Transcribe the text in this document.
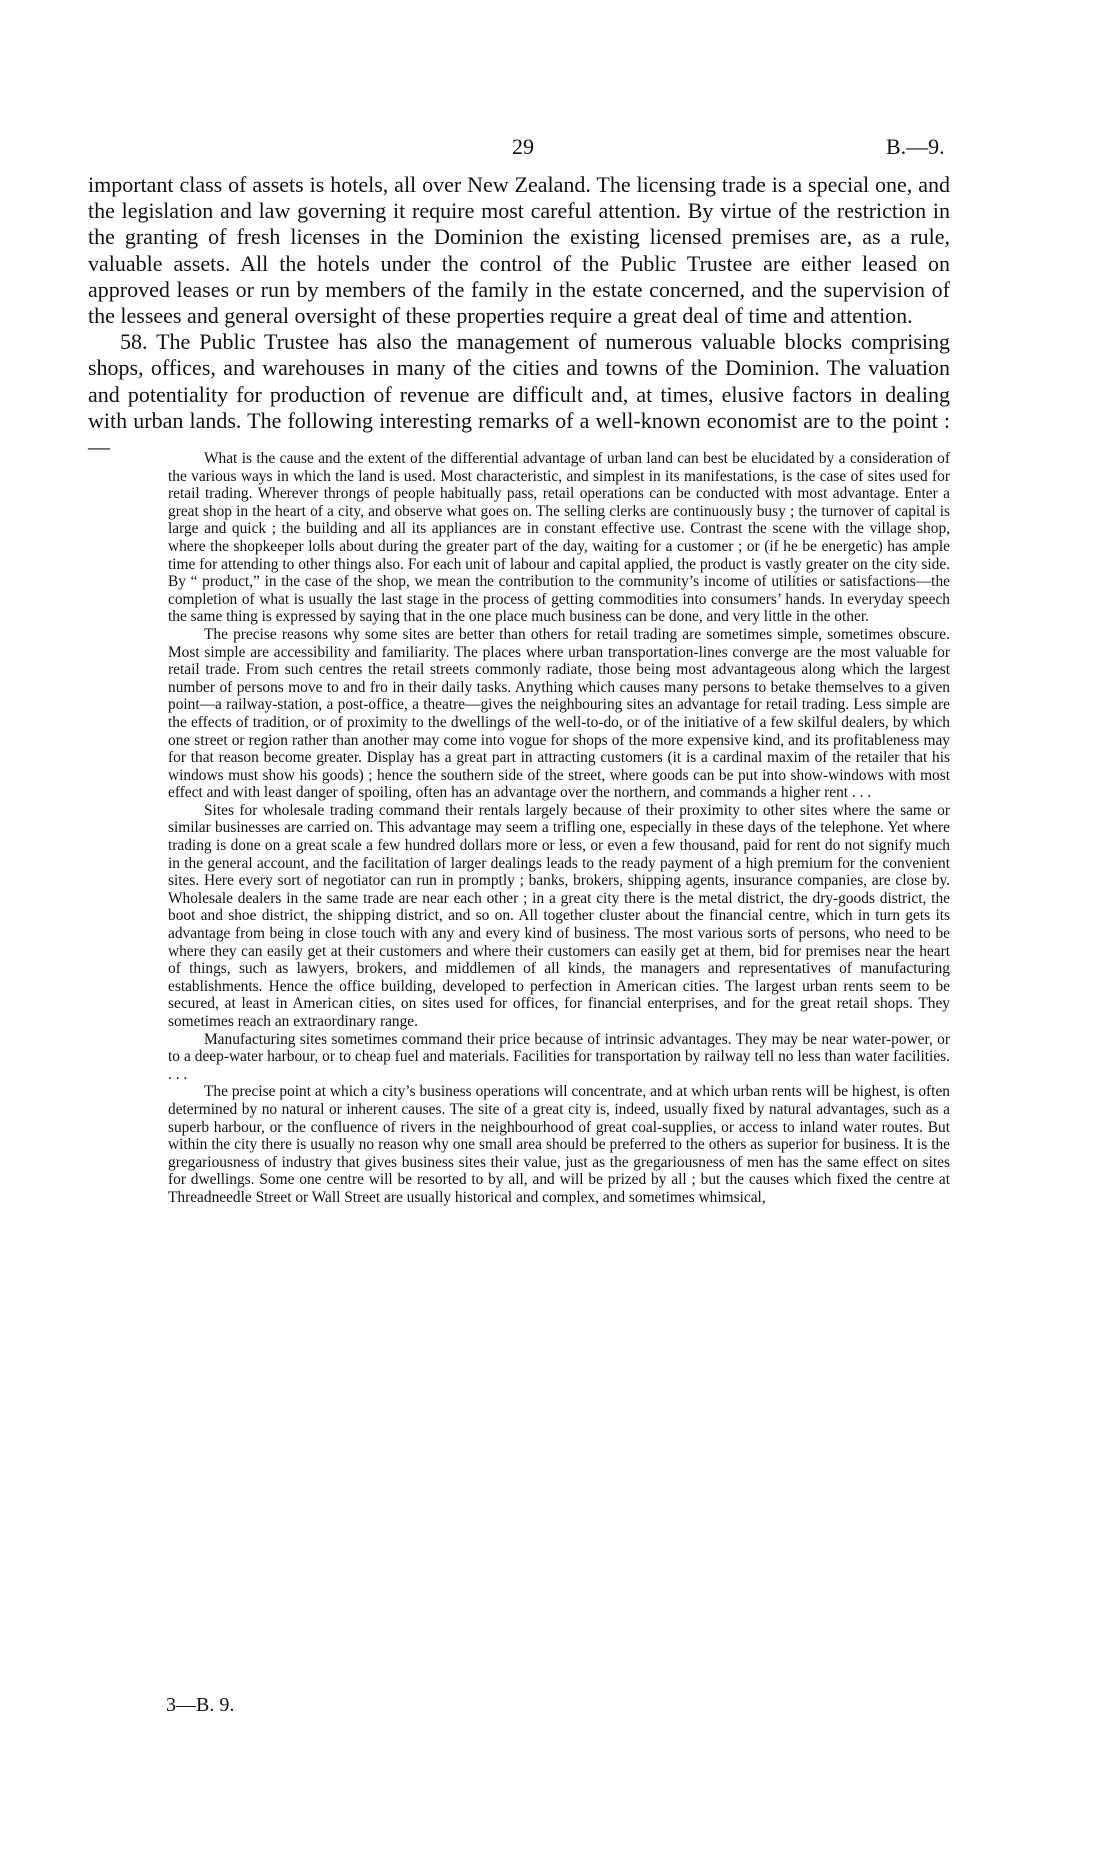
29	B.—9.

important class of assets is hotels, all over New Zealand. The licensing trade is a special one, and the legislation and law governing it require most careful attention. By virtue of the restriction in the granting of fresh licenses in the Dominion the existing licensed premises are, as a rule, valuable assets. All the hotels under the control of the Public Trustee are either leased on approved leases or run by members of the family in the estate concerned, and the supervision of the lessees and general oversight of these properties require a great deal of time and attention.

58. The Public Trustee has also the management of numerous valuable blocks comprising shops, offices, and warehouses in many of the cities and towns of the Dominion. The valuation and potentiality for production of revenue are difficult and, at times, elusive factors in dealing with urban lands. The following interesting remarks of a well-known economist are to the point :—	What is the cause and the extent of the differential advantage of urban land can best be elucidated by a consideration of the various ways in which the land is used. Most characteristic, and simplest in its manifestations, is the case of sites used for retail trading. Wherever throngs of people habitually pass, retail operations can be conducted with most advantage. Enter a great shop in the heart of a city, and observe what goes on. The selling clerks are continuously busy ; the turnover of capital is large and quick ; the building and all its appliances are in constant effective use. Contrast the scene with the village shop, where the shopkeeper lolls about during the greater part of the day, waiting for a customer ; or (if he be energetic) has ample time for attending to other things also. For each unit of labour and capital applied, the product is vastly greater on the city side. By “ product,” in the case of the shop, we mean the contribution to the community’s income of utilities or satisfactions—the completion of what is usually the last stage in the process of getting commodities into consumers’ hands. In everyday speech the same thing is expressed by saying that in the one place much business can be done, and very little in the other.

The precise reasons why some sites are better than others for retail trading are sometimes simple, sometimes obscure. Most simple are accessibility and familiarity. The places where urban transportation-lines converge are the most valuable for retail trade. From such centres the retail streets commonly radiate, those being most advantageous along which the largest number of persons move to and fro in their daily tasks. Anything which causes many persons to betake themselves to a given point—a railway-station, a post-office, a theatre—gives the neighbouring sites an advantage for retail trading. Less simple are the effects of tradition, or of proximity to the dwellings of the well-to-do, or of the initiative of a few skilful dealers, by which one street or region rather than another may come into vogue for shops of the more expensive kind, and its profitableness may for that reason become greater. Display has a great part in attracting customers (it is a cardinal maxim of the retailer that his windows must show his goods) ; hence the southern side of the street, where goods can be put into show-windows with most effect and with least danger of spoiling, often has an advantage over the northern, and commands a higher rent . . .

Sites for wholesale trading command their rentals largely because of their proximity to other sites where the same or similar businesses are carried on. This advantage may seem a trifling one, especially in these days of the telephone. Yet where trading is done on a great scale a few hundred dollars more or less, or even a few thousand, paid for rent do not signify much in the general account, and the facilitation of larger dealings leads to the ready payment of a high premium for the convenient sites. Here every sort of negotiator can run in promptly ; banks, brokers, shipping agents, insurance companies, are close by. Wholesale dealers in the same trade are near each other ; in a great city there is the metal district, the dry-goods district, the boot and shoe district, the shipping district, and so on. All together cluster about the financial centre, which in turn gets its advantage from being in close touch with any and every kind of business. The most various sorts of persons, who need to be where they can easily get at their customers and where their customers can easily get at them, bid for premises near the heart of things, such as lawyers, brokers, and middlemen of all kinds, the managers and representatives of manufacturing establishments. Hence the office building, developed to perfection in American cities. The largest urban rents seem to be secured, at least in American cities, on sites used for offices, for financial enterprises, and for the great retail shops. They sometimes reach an extraordinary range.

Manufacturing sites sometimes command their price because of intrinsic advantages. They may be near water-power, or to a deep-water harbour, or to cheap fuel and materials. Facilities for transportation by railway tell no less than water facilities. . . .

The precise point at which a city’s business operations will concentrate, and at which urban rents will be highest, is often determined by no natural or inherent causes. The site of a great city is, indeed, usually fixed by natural advantages, such as a superb harbour, or the confluence of rivers in the neighbourhood of great coal-supplies, or access to inland water routes. But within the city there is usually no reason why one small area should be preferred to the others as superior for business. It is the gregariousness of industry that gives business sites their value, just as the gregariousness of men has the same effect on sites for dwellings. Some one centre will be resorted to by all, and will be prized by all ; but the causes which fixed the centre at Threadneedle Street or Wall Street are usually historical and complex, and sometimes whimsical,

3—B. 9.
